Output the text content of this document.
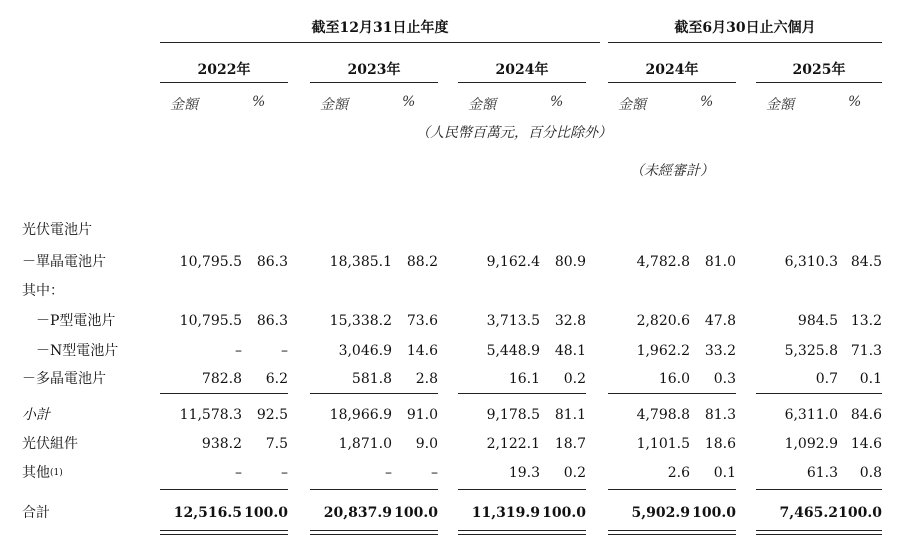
截至12月31日止年度	截至6月30日止六個月
2022年	2023年	2024年	2024年	2025年
金額	%	金額	%	金額	%	金額	%	金額	%
（人民幣百萬元，百分比除外）
（未經審計）
光伏電池片
－單晶電池片	10,795.5	86.3	18,385.1	88.2	9,162.4	80.9	4,782.8	81.0	6,310.3 84.5
其中：
－P型電池片	10,795.5	86.3	15,338.2	73.6	3,713.5	32.8	2,820.6	47.8	984.5 13.2
－N型電池片	–	–	3,046.9	14.6	5,448.9	48.1	1,962.2	33.2	5,325.8 71.3
－多晶電池片	782.8	6.2	581.8	2.8	16.1	0.2	16.0	0.3	0.7	0.1
小計	11,578.3	92.5	18,966.9	91.0	9,178.5	81.1	4,798.8	81.3	6,311.0 84.6
光伏組件	938.2	7.5	1,871.0	9.0	2,122.1	18.7	1,101.5	18.6	1,092.9 14.6
其他$^{(1)}$	–	–	–	–	19.3	0.2	2.6	0.1	61.3	0.8
合計	12,516.5 100.0	20,837.9 100.0	11,319.9 100.0	5,902.9 100.0	7,465.2 100.0
